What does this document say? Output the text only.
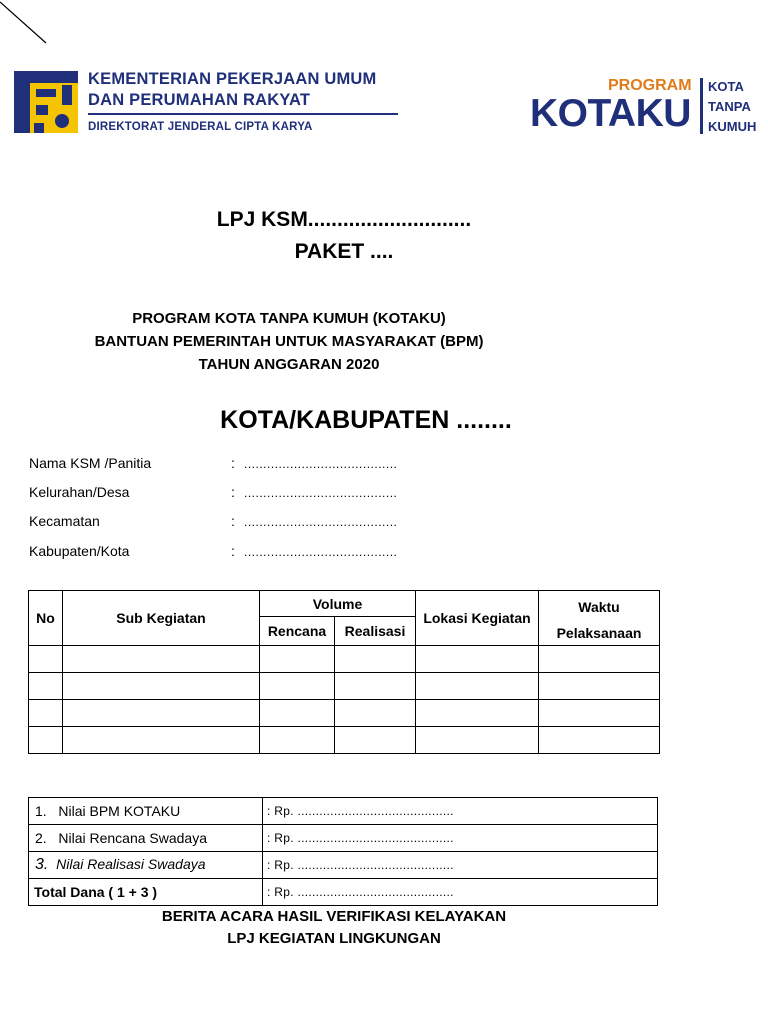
KEMENTERIAN PEKERJAAN UMUM
DAN PERUMAHAN RAKYAT
DIREKTORAT JENDERAL CIPTA KARYA
PROGRAM
KOTAKU
KOTA
TANPA
KUMUH
LPJ KSM............................
PAKET ....
PROGRAM KOTA TANPA KUMUH (KOTAKU)
BANTUAN PEMERINTAH UNTUK MASYARAKAT (BPM)
TAHUN ANGGARAN 2020
KOTA/KABUPATEN ........
Nama KSM /Panitia	: ........................................
Kelurahan/Desa	: ........................................
Kecamatan	: ........................................
Kabupaten/Kota	: ........................................
No	Sub Kegiatan	Volume		Lokasi Kegiatan	Waktu
Pelaksanaan

		Rencana	Realisasi		

1. Nilai BPM KOTAKU	: Rp. ...........................................
2. Nilai Rencana Swadaya	: Rp. ...........................................
3. Nilai Realisasi Swadaya	: Rp. ...........................................
Total Dana ( 1 + 3 )	: Rp. ...........................................
BERITA ACARA HASIL VERIFIKASI KELAYAKAN
LPJ KEGIATAN LINGKUNGAN
